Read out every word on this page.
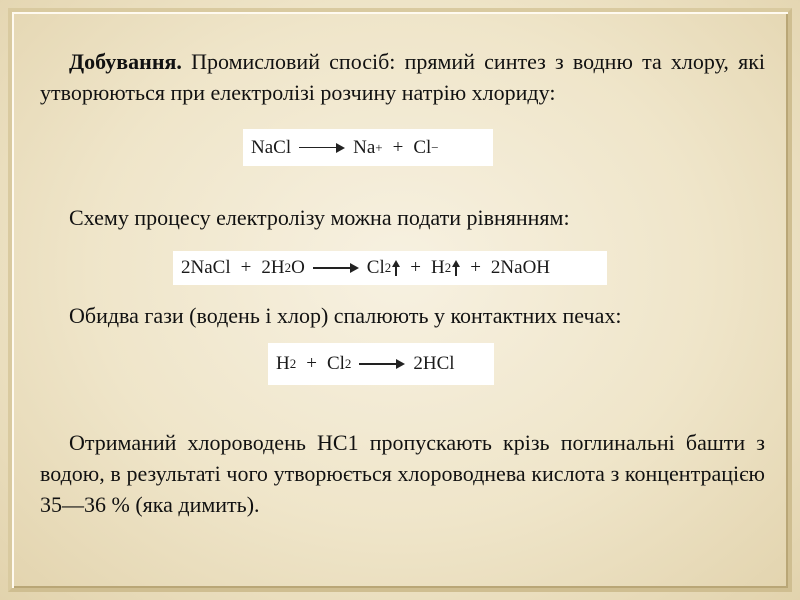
Добування. Промисловий спосіб: прямий синтез з водню та хлору, які утворюються при електролізі розчину натрію хлориду:

NaCl	Na + + Cl −

Схему процесу електролізу можна подати рівнянням:

2NaCl + 2H 2 O	Cl 2 + H 2 + 2NaOH

Обидва гази (водень і хлор) спалюють у контактних печах:

H 2 + Cl 2	2HCl

Отриманий хлороводень НС1 пропускають крізь поглинальні башти з водою, в результаті чого утворюється хлороводнева кислота з концентрацією 35—36 % (яка димить).
